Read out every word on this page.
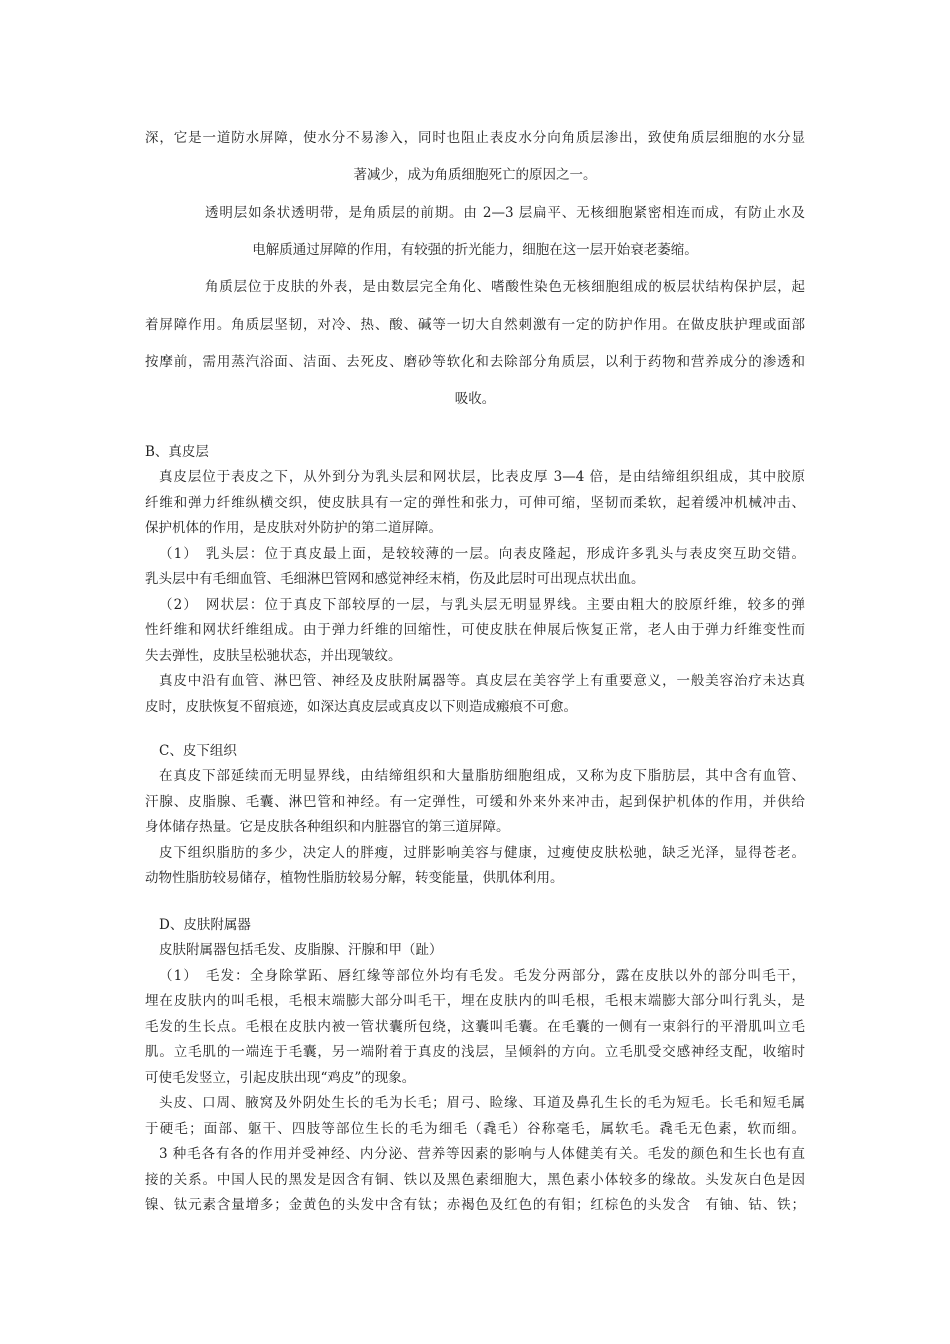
深，它是一道防水屏障，使水分不易渗入，同时也阻止表皮水分向角质层渗出，致使角质层细胞的水分显
著减少，成为角质细胞死亡的原因之一。
透明层如条状透明带，是角质层的前期。由 2—3 层扁平、无核细胞紧密相连而成，有防止水及
电解质通过屏障的作用，有较强的折光能力，细胞在这一层开始衰老萎缩。
角质层位于皮肤的外表，是由数层完全角化、嗜酸性染色无核细胞组成的板层状结构保护层，起
着屏障作用。角质层坚韧，对冷、热、酸、碱等一切大自然刺激有一定的防护作用。在做皮肤护理或面部
按摩前，需用蒸汽浴面、洁面、去死皮、磨砂等软化和去除部分角质层，以利于药物和营养成分的渗透和
吸收。
B、真皮层
真皮层位于表皮之下，从外到分为乳头层和网状层，比表皮厚 3—4 倍，是由结缔组织组成，其中胶原
纤维和弹力纤维纵横交织，使皮肤具有一定的弹性和张力，可伸可缩，坚韧而柔软，起着缓冲机械冲击、
保护机体的作用，是皮肤对外防护的第二道屏障。
（1）　乳头层：位于真皮最上面，是较较薄的一层。向表皮隆起，形成许多乳头与表皮突互助交错。
乳头层中有毛细血管、毛细淋巴管网和感觉神经末梢，伤及此层时可出现点状出血。
（2）　网状层：位于真皮下部较厚的一层，与乳头层无明显界线。主要由粗大的胶原纤维，较多的弹
性纤维和网状纤维组成。由于弹力纤维的回缩性，可使皮肤在伸展后恢复正常，老人由于弹力纤维变性而
失去弹性，皮肤呈松驰状态，并出现皱纹。
真皮中沿有血管、淋巴管、神经及皮肤附属器等。真皮层在美容学上有重要意义，一般美容治疗未达真
皮时，皮肤恢复不留痕迹，如深达真皮层或真皮以下则造成瘢痕不可愈。
C、皮下组织
在真皮下部延续而无明显界线，由结缔组织和大量脂肪细胞组成，又称为皮下脂肪层，其中含有血管、
汗腺、皮脂腺、毛囊、淋巴管和神经。有一定弹性，可缓和外来外来冲击，起到保护机体的作用，并供给
身体储存热量。它是皮肤各种组织和内脏器官的第三道屏障。
皮下组织脂肪的多少，决定人的胖瘦，过胖影响美容与健康，过瘦使皮肤松驰，缺乏光泽，显得苍老。
动物性脂肪较易储存，植物性脂肪较易分解，转变能量，供肌体利用。
D、皮肤附属器
皮肤附属器包括毛发、皮脂腺、汗腺和甲（趾）
（1）　毛发：全身除掌跖、唇红缘等部位外均有毛发。毛发分两部分，露在皮肤以外的部分叫毛干，
埋在皮肤内的叫毛根，毛根末端膨大部分叫毛干，埋在皮肤内的叫毛根，毛根末端膨大部分叫行乳头，是
毛发的生长点。毛根在皮肤内被一管状囊所包绕，这囊叫毛囊。在毛囊的一侧有一束斜行的平滑肌叫立毛
肌。立毛肌的一端连于毛囊，另一端附着于真皮的浅层，呈倾斜的方向。立毛肌受交感神经支配，收缩时
可使毛发竖立，引起皮肤出现“鸡皮”的现象。
头皮、口周、腋窝及外阴处生长的毛为长毛；眉弓、睑缘、耳道及鼻孔生长的毛为短毛。长毛和短毛属
于硬毛；面部、躯干、四肢等部位生长的毛为细毛（毳毛）谷称毫毛，属软毛。毳毛无色素，软而细。
3 种毛各有各的作用并受神经、内分泌、营养等因素的影响与人体健美有关。毛发的颜色和生长也有直
接的关系。中国人民的黑发是因含有铜、铁以及黑色素细胞大，黑色素小体较多的缘故。头发灰白色是因
镍、钛元素含量增多；金黄色的头发中含有钛；赤褐色及红色的有钼；红棕色的头发含　有铀、钴、铁；
